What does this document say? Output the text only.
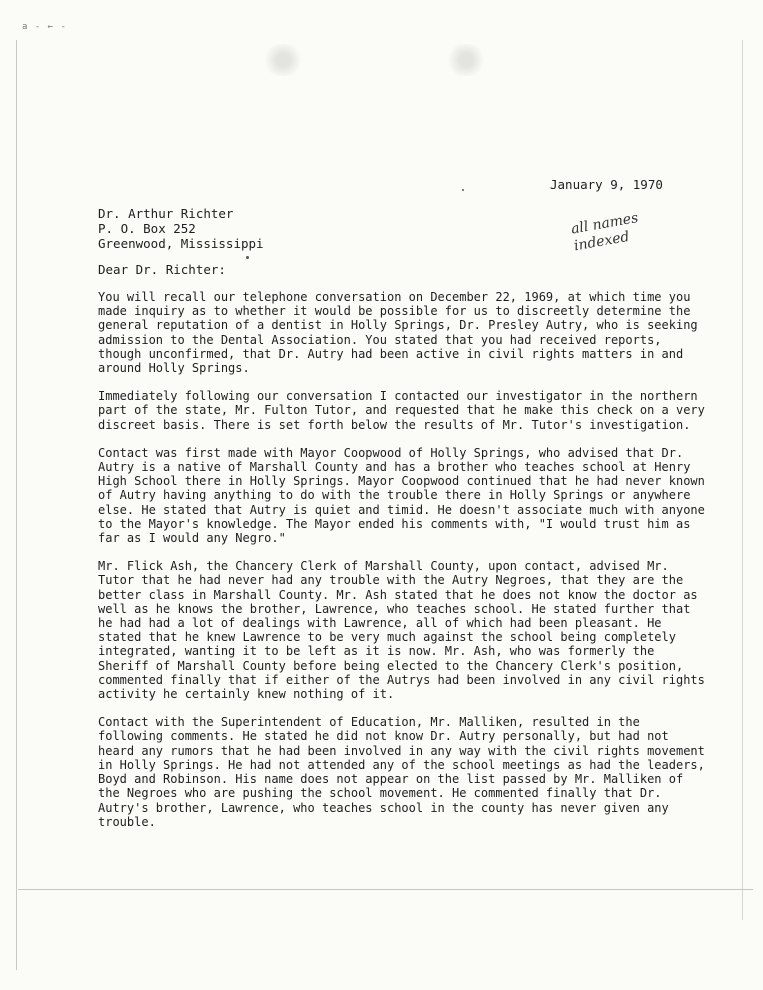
a - ← -
January 9, 1970
Dr. Arthur Richter
P. O. Box 252
Greenwood, Mississippi
all names indexed
Dear Dr. Richter:

You will recall our telephone conversation on December 22, 1969, at which time you made inquiry as to whether it would be possible for us to discreetly determine the general reputation of a dentist in Holly Springs, Dr. Presley Autry, who is seeking admission to the Dental Association. You stated that you had received reports, though unconfirmed, that Dr. Autry had been active in civil rights matters in and around Holly Springs.

Immediately following our conversation I contacted our investigator in the northern part of the state, Mr. Fulton Tutor, and requested that he make this check on a very discreet basis. There is set forth below the results of Mr. Tutor's investigation.

Contact was first made with Mayor Coopwood of Holly Springs, who advised that Dr. Autry is a native of Marshall County and has a brother who teaches school at Henry High School there in Holly Springs. Mayor Coopwood continued that he had never known of Autry having anything to do with the trouble there in Holly Springs or anywhere else. He stated that Autry is quiet and timid. He doesn't associate much with anyone to the Mayor's knowledge. The Mayor ended his comments with, "I would trust him as far as I would any Negro."

Mr. Flick Ash, the Chancery Clerk of Marshall County, upon contact, advised Mr. Tutor that he had never had any trouble with the Autry Negroes, that they are the better class in Marshall County. Mr. Ash stated that he does not know the doctor as well as he knows the brother, Lawrence, who teaches school. He stated further that he had had a lot of dealings with Lawrence, all of which had been pleasant. He stated that he knew Lawrence to be very much against the school being completely integrated, wanting it to be left as it is now. Mr. Ash, who was formerly the Sheriff of Marshall County before being elected to the Chancery Clerk's position, commented finally that if either of the Autrys had been involved in any civil rights activity he certainly knew nothing of it.

Contact with the Superintendent of Education, Mr. Malliken, resulted in the following comments. He stated he did not know Dr. Autry personally, but had not heard any rumors that he had been involved in any way with the civil rights movement in Holly Springs. He had not attended any of the school meetings as had the leaders, Boyd and Robinson. His name does not appear on the list passed by Mr. Malliken of the Negroes who are pushing the school movement. He commented finally that Dr. Autry's brother, Lawrence, who teaches school in the county has never given any trouble.
